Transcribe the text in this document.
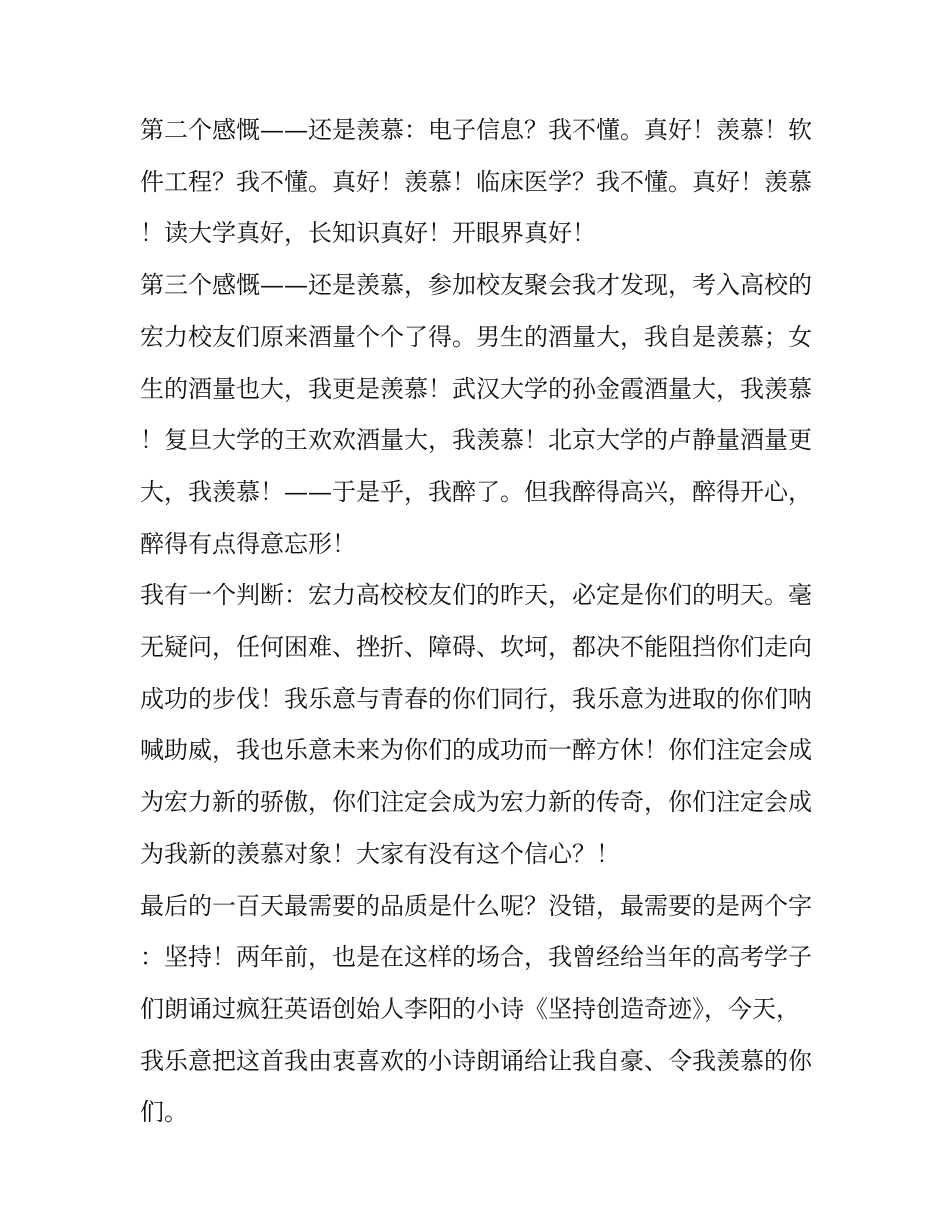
第二个感慨——还是羡慕：电子信息？我不懂。真好！羡慕！软件工程？我不懂。真好！羡慕！临床医学？我不懂。真好！羡慕！读大学真好，长知识真好！开眼界真好！

第三个感慨——还是羡慕，参加校友聚会我才发现，考入高校的宏力校友们原来酒量个个了得。男生的酒量大，我自是羡慕；女生的酒量也大，我更是羡慕！武汉大学的孙金霞酒量大，我羡慕！复旦大学的王欢欢酒量大，我羡慕！北京大学的卢静量酒量更大，我羡慕！——于是乎，我醉了。但我醉得高兴，醉得开心，醉得有点得意忘形！

我有一个判断：宏力高校校友们的昨天，必定是你们的明天。毫无疑问，任何困难、挫折、障碍、坎坷，都决不能阻挡你们走向成功的步伐！我乐意与青春的你们同行，我乐意为进取的你们呐喊助威，我也乐意未来为你们的成功而一醉方休！你们注定会成为宏力新的骄傲，你们注定会成为宏力新的传奇，你们注定会成为我新的羡慕对象！大家有没有这个信心？！

最后的一百天最需要的品质是什么呢？没错，最需要的是两个字：坚持！两年前，也是在这样的场合，我曾经给当年的高考学子们朗诵过疯狂英语创始人李阳的小诗《坚持创造奇迹》，今天，我乐意把这首我由衷喜欢的小诗朗诵给让我自豪、令我羡慕的你们。
